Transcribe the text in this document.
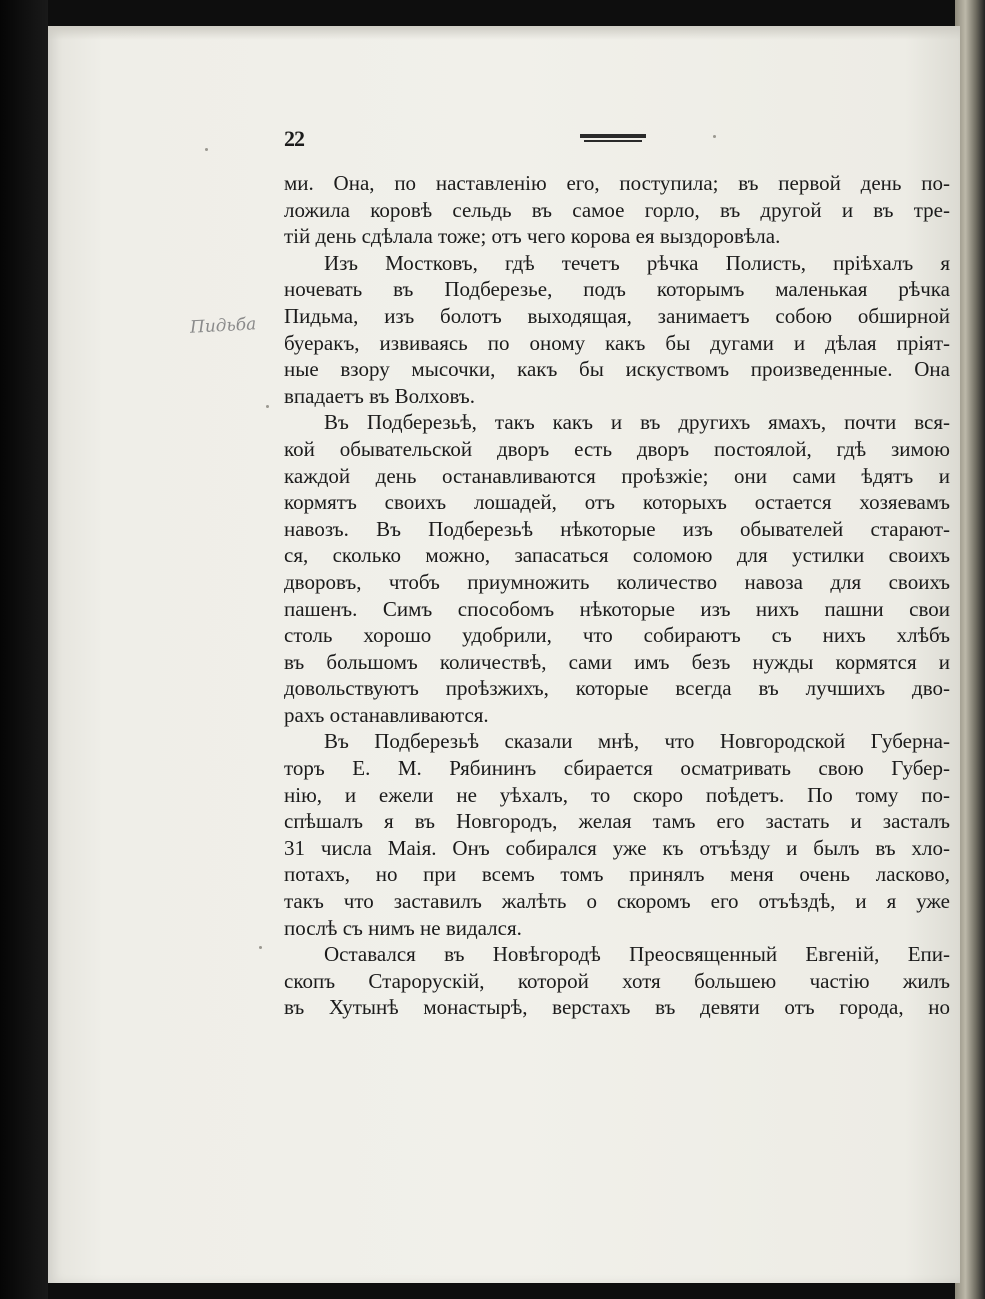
22
Пидьба
ми. Она, по наставленію его, поступила; въ первой день по-
ложила коровѣ сельдь въ самое горло, въ другой и въ тре-
тій день сдѣлала тоже; отъ чего корова ея выздоровѣла.
Изъ Мостковъ, гдѣ течетъ рѣчка Полисть, пріѣхалъ я
ночевать въ Подберезье, подъ которымъ маленькая рѣчка
Пидьма, изъ болотъ выходящая, занимаетъ собою обширной
буеракъ, извиваясь по оному какъ бы дугами и дѣлая пріят-
ные взору мысочки, какъ бы искуствомъ произведенные. Она
впадаетъ въ Волховъ.
Въ Подберезьѣ, такъ какъ и въ другихъ ямахъ, почти вся-
кой обывательской дворъ есть дворъ постоялой, гдѣ зимою
каждой день останавливаются проѣзжіе; они сами ѣдятъ и
кормятъ своихъ лошадей, отъ которыхъ остается хозяевамъ
навозъ. Въ Подберезьѣ нѣкоторые изъ обывателей старают-
ся, сколько можно, запасаться соломою для устилки своихъ
дворовъ, чтобъ приумножить количество навоза для своихъ
пашенъ. Симъ способомъ нѣкоторые изъ нихъ пашни свои
столь хорошо удобрили, что собираютъ съ нихъ хлѣбъ
въ большомъ количествѣ, сами имъ безъ нужды кормятся и
довольствуютъ проѣзжихъ, которые всегда въ лучшихъ дво-
рахъ останавливаются.
Въ Подберезьѣ сказали мнѣ, что Новгородской Губерна-
торъ Е. М. Рябининъ сбирается осматривать свою Губер-
нію, и ежели не уѣхалъ, то скоро поѣдетъ. По тому по-
спѣшалъ я въ Новгородъ, желая тамъ его застать и засталъ
31 числа Маія. Онъ собирался уже къ отъѣзду и былъ въ хло-
потахъ, но при всемъ томъ принялъ меня очень ласково,
такъ что заставилъ жалѣть о скоромъ его отъѣздѣ, и я уже
послѣ съ нимъ не видался.
Оставался въ Новѣгородѣ Преосвященный Евгеній, Епи-
скопъ Старорускій, которой хотя большею частію жилъ
въ Хутынѣ монастырѣ, верстахъ въ девяти отъ города, но
